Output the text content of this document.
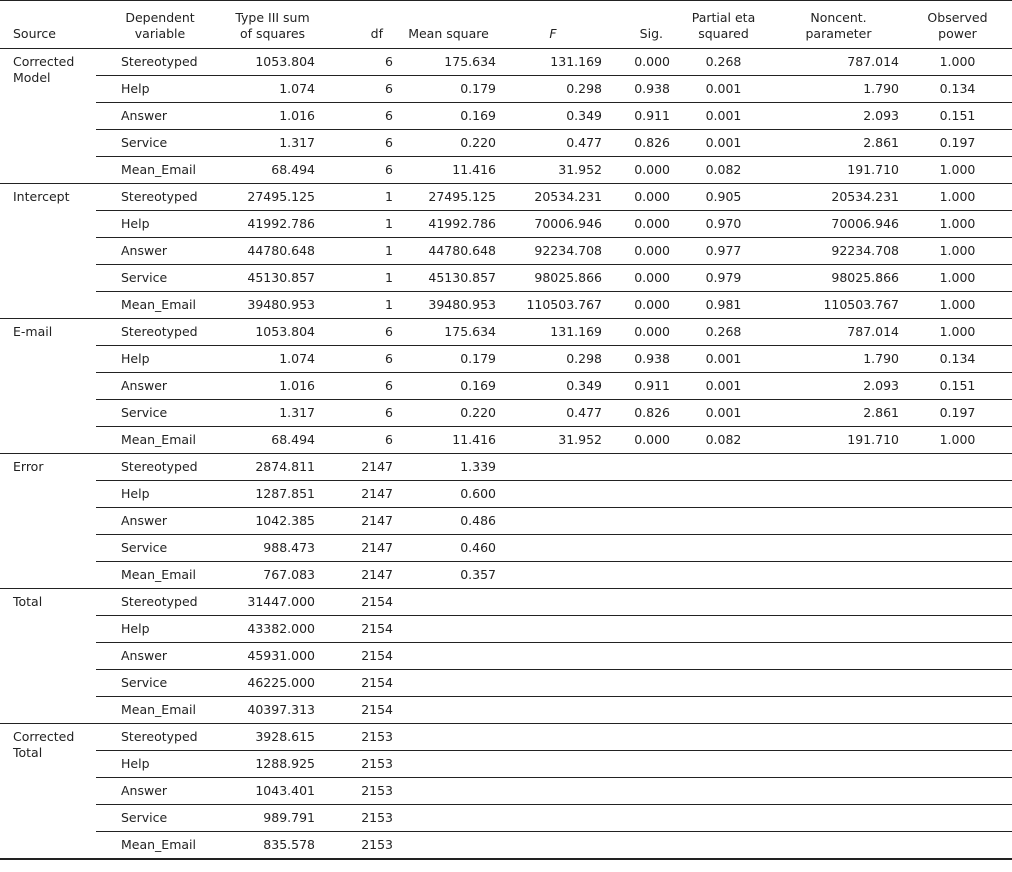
Source	Dependent variable	Type III sum of squares	df	Mean square	F	Sig.	Partial eta squared	Noncent. parameter	Observed power
Corrected Model	Stereotyped	1053.804	6	175.634	131.169	0.000	0.268	787.014	1.000
	Help	1.074	6	0.179	0.298	0.938	0.001	1.790	0.134
	Answer	1.016	6	0.169	0.349	0.911	0.001	2.093	0.151
	Service	1.317	6	0.220	0.477	0.826	0.001	2.861	0.197
	Mean_Email	68.494	6	11.416	31.952	0.000	0.082	191.710	1.000
Intercept	Stereotyped	27495.125	1	27495.125	20534.231	0.000	0.905	20534.231	1.000
	Help	41992.786	1	41992.786	70006.946	0.000	0.970	70006.946	1.000
	Answer	44780.648	1	44780.648	92234.708	0.000	0.977	92234.708	1.000
	Service	45130.857	1	45130.857	98025.866	0.000	0.979	98025.866	1.000
	Mean_Email	39480.953	1	39480.953	110503.767	0.000	0.981	110503.767	1.000
E-mail	Stereotyped	1053.804	6	175.634	131.169	0.000	0.268	787.014	1.000
	Help	1.074	6	0.179	0.298	0.938	0.001	1.790	0.134
	Answer	1.016	6	0.169	0.349	0.911	0.001	2.093	0.151
	Service	1.317	6	0.220	0.477	0.826	0.001	2.861	0.197
	Mean_Email	68.494	6	11.416	31.952	0.000	0.082	191.710	1.000
Error	Stereotyped	2874.811	2147	1.339					
	Help	1287.851	2147	0.600					
	Answer	1042.385	2147	0.486					
	Service	988.473	2147	0.460					
	Mean_Email	767.083	2147	0.357					
Total	Stereotyped	31447.000	2154						
	Help	43382.000	2154						
	Answer	45931.000	2154						
	Service	46225.000	2154						
	Mean_Email	40397.313	2154						
Corrected Total	Stereotyped	3928.615	2153						
	Help	1288.925	2153						
	Answer	1043.401	2153						
	Service	989.791	2153						
	Mean_Email	835.578	2153						
